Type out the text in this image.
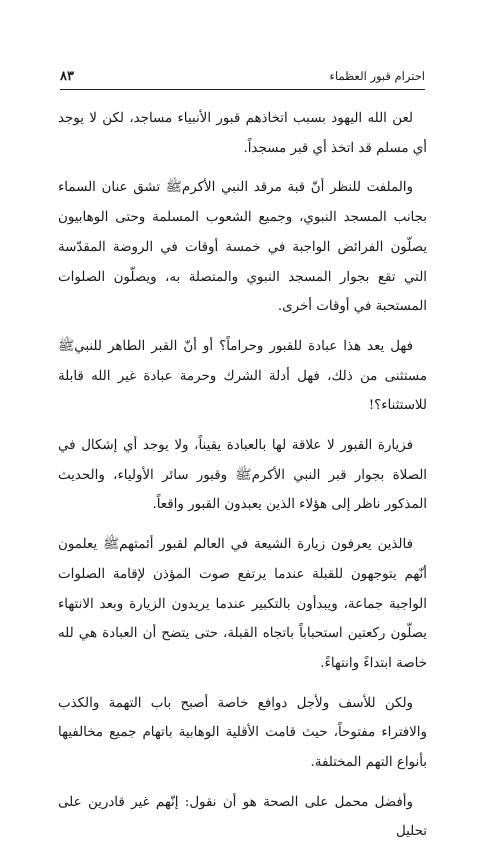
احترام قبور العظماء
٨٣

لعن الله اليهود بسبب اتخاذهم قبور الأنبياء مساجد، لكن لا يوجد أي مسلم قد اتخذ أي قبر مسجداً.

والملفت للنظر أنّ قبة مرقد النبي الأكرمﷺ تشق عنان السماء بجانب المسجد النبوي، وجميع الشعوب المسلمة وحتى الوهابيون يصلّون الفرائض الواجبة في خمسة أوقات في الروضة المقدّسة التي تقع بجوار المسجد النبوي والمتصلة به، ويصلّون الصلوات المستحبة في أوقات أخرى.

فهل يعد هذا عبادة للقبور وحراماً؟ أو أنّ القبر الطاهر للنبيﷺ مستثنى من ذلك، فهل أدلة الشرك وحرمة عبادة غير الله قابلة للاستثناء؟!

فزيارة القبور لا علاقة لها بالعبادة يقيناً، ولا يوجد أي إشكال في الصلاة بجوار قبر النبي الأكرمﷺ وقبور سائر الأولياء، والحديث المذكور ناظر إلى هؤلاء الذين يعبدون القبور واقعاً.

فالذين يعرفون زيارة الشيعة في العالم لقبور أئمتهمﷺ يعلمون أنّهم يتوجهون للقبلة عندما يرتفع صوت المؤذن لإقامة الصلوات الواجبة جماعة، ويبدأون بالتكبير عندما يريدون الزيارة وبعد الانتهاء يصلّون ركعتين استحباباً باتجاه القبلة، حتى يتضح أن العبادة هي لله خاصة ابتداءً وانتهاءً.

ولكن للأسف ولأجل دوافع خاصة أصبح باب التهمة والكذب والافتراء مفتوحاً، حيث قامت الأقلية الوهابية باتهام جميع مخالفيها بأنواع التهم المختلفة.

وأفضل محمل على الصحة هو أن نقول: إنّهم غير قادرين على تحليل
